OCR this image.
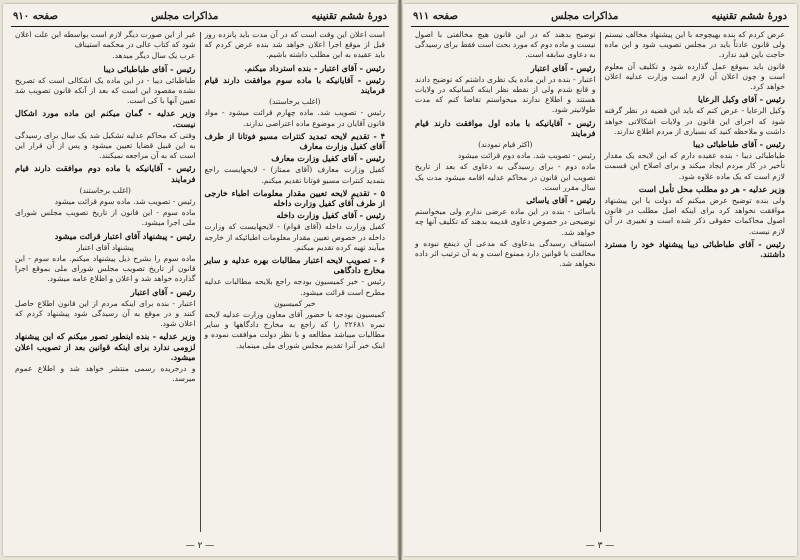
دورهٔ ششم تقنینیه
مذاکرات مجلس
صفحه ۹۱۰

است اعلان این وقت است که در آن مدت باید پانزده روز قبل از موقع اجرا اعلان خواهد شد بنده عرض کردم که باید عقیده به این مطلب داشته باشیم.

رئیس - آقای اعتبار - بنده استرداد میکنم.

رئیس - آقایانیکه با ماده سوم موافقت دارند قیام فرمایند

(اغلب برخاستند)

رئیس - تصویب شد. ماده چهارم قرائت میشود - مواد قانون آقایان در موضوع ماده اعتراضی ندارند.

۴ - تقدیم لایحه تمدید کنترات مسیو فوتانا از طرف آقای کفیل وزارت معارف

رئیس - آقای کفیل وزارت معارف

کفیل وزارت معارف (آقای ممتاز) - لایحهایست راجع بتمدید کنترات مسیو فوتانا تقدیم میکنم.

۵ - تقدیم لایحه تعیین مقدار معلومات اطباء خارجی از طرف آقای کفیل وزارت داخله

رئیس - آقای کفیل وزارت داخله

کفیل وزارت داخله (آقای قوام) - لایحهایست که وزارت داخله در خصوص تعیین مقدار معلومات اطبائیکه از خارجه میآیند تهیه کرده تقدیم میکنم.

۶ - تصویب لایحه اعتبار مطالبات بهره عدلیه و سایر مخارج دادگاهی

رئیس - خبر کمیسیون بودجه راجع بلایحه مطالبات عدلیه مطرح است قرائت میشود.

خبر کمیسیون

کمیسیون بودجه با حضور آقای معاون وزارت عدلیه لایحه نمره ۲۲۶۸۱ را که راجع به مخارج دادگاهها و سایر مطالبات میباشد مطالعه و با نظر دولت موافقت نموده و اینک خبر آنرا تقدیم مجلس شورای ملی مینماید.

غیر از این صورت دیگر لازم است بواسطه این علت اعلان شود که کتاب عالی در محکمه استیناف

عرب یک سال دیگر میدهد.

رئیس - آقای طباطبائی دیبا

طباطبائی دیبا - در این ماده یک اشکالی است که تصریح نشده مقصود این است که بعد از آنکه قانون تصویب شد تعیین آنها با کی است.

وزیر عدلیه - گمان میکنم این ماده مورد اشکال نیست.

وقتی که محاکم عدلیه تشکیل شد یک سال برای رسیدگی به این قبیل قضایا تعیین میشود و پس از آن قرار این است که به آن مراجعه نمیکنند.

رئیس - آقایانیکه با ماده دوم موافقت دارند قیام فرمایند

(اغلب برخاستند)

رئیس - تصویب شد. ماده سوم قرائت میشود

ماده سوم - این قانون از تاریخ تصویب مجلس شورای ملی اجرا میشود.

رئیس - پیشنهاد آقای اعتبار قرائت میشود

پیشنهاد آقای اعتبار

ماده سوم را بشرح ذیل پیشنهاد میکنم. ماده سوم - این قانون از تاریخ تصویب مجلس شورای ملی بموقع اجرا گذارده خواهد شد و اعلان و اطلاع عامه میشود.

رئیس - آقای اعتبار

اعتبار - بنده برای اینکه مردم از این قانون اطلاع حاصل کنند و در موقع به آن رسیدگی شود پیشنهاد کردم که اعلان شود.

وزیر عدلیه - بنده اینطور تصور میکنم که این پیشنهاد لزومی ندارد برای اینکه قوانین بعد از تصویب اعلان میشود.

و درجریده رسمی منتشر خواهد شد و اطلاع عموم میرسد.

— ۲ —
دورهٔ ششم تقنینیه
مذاکرات مجلس
صفحه ۹۱۱

عرض کردم که بنده بهیچوجه با این پیشنهاد مخالف نیستم ولی قانون عادتاً باید در مجلس تصویب شود و این ماده حاجت باین قید ندارد.

قانون باید بموقع عمل گذارده شود و تکلیف آن معلوم است و چون اعلان آن لازم است وزارت عدلیه اعلان خواهد کرد.

رئیس - آقای وکیل الرعایا

وکیل الرعایا - عرض کنم که باید این قضیه در نظر گرفته شود که اجرای این قانون در ولایات اشکالاتی خواهد داشت و ملاحظه کنید که بسیاری از مردم اطلاع ندارند.

رئیس - آقای طباطبائی دیبا

طباطبائی دیبا - بنده عقیده دارم که این لایحه یک مقدار تأخیر در کار مردم ایجاد میکند و برای اصلاح این قسمت لازم است که یک ماده علاوه شود.

وزیر عدلیه - هر دو مطلب محل تأمل است

ولی بنده توضیح عرض میکنم که دولت با این پیشنهاد موافقت نخواهد کرد برای اینکه اصل مطلب در قانون اصول محاکمات حقوقی ذکر شده است و تغییری در آن لازم نیست.

رئیس - آقای طباطبائی دیبا پیشنهاد خود را مسترد داشتند.

توضیح بدهند که در این قانون هیچ مخالفتی با اصول نیست و ماده دوم که مورد بحث است فقط برای رسیدگی به دعاوی سابقه است.

رئیس - آقای اعتبار

اعتبار - بنده در این ماده یک نظری داشتم که توضیح دادند و قانع شدم ولی از نقطه نظر اینکه کسانیکه در ولایات هستند و اطلاع ندارند میخواستم تقاضا کنم که مدت طولانیتر شود.

رئیس - آقایانیکه با ماده اول موافقت دارند قیام فرمایند

(اکثر قیام نمودند)

رئیس - تصویب شد. ماده دوم قرائت میشود

ماده دوم - برای رسیدگی به دعاوی که بعد از تاریخ تصویب این قانون در محاکم عدلیه اقامه میشود مدت یک سال مقرر است.

رئیس - آقای یاسائی

یاسائی - بنده در این ماده عرضی ندارم ولی میخواستم توضیحی در خصوص دعاوی قدیمه بدهند که تکلیف آنها چه خواهد شد.

استیناف رسیدگی بدعاوی که مدعی آن ذینفع نبوده و مخالفت با قوانین دارد ممنوع است و به آن ترتیب اثر داده نخواهد شد.

— ۳ —
